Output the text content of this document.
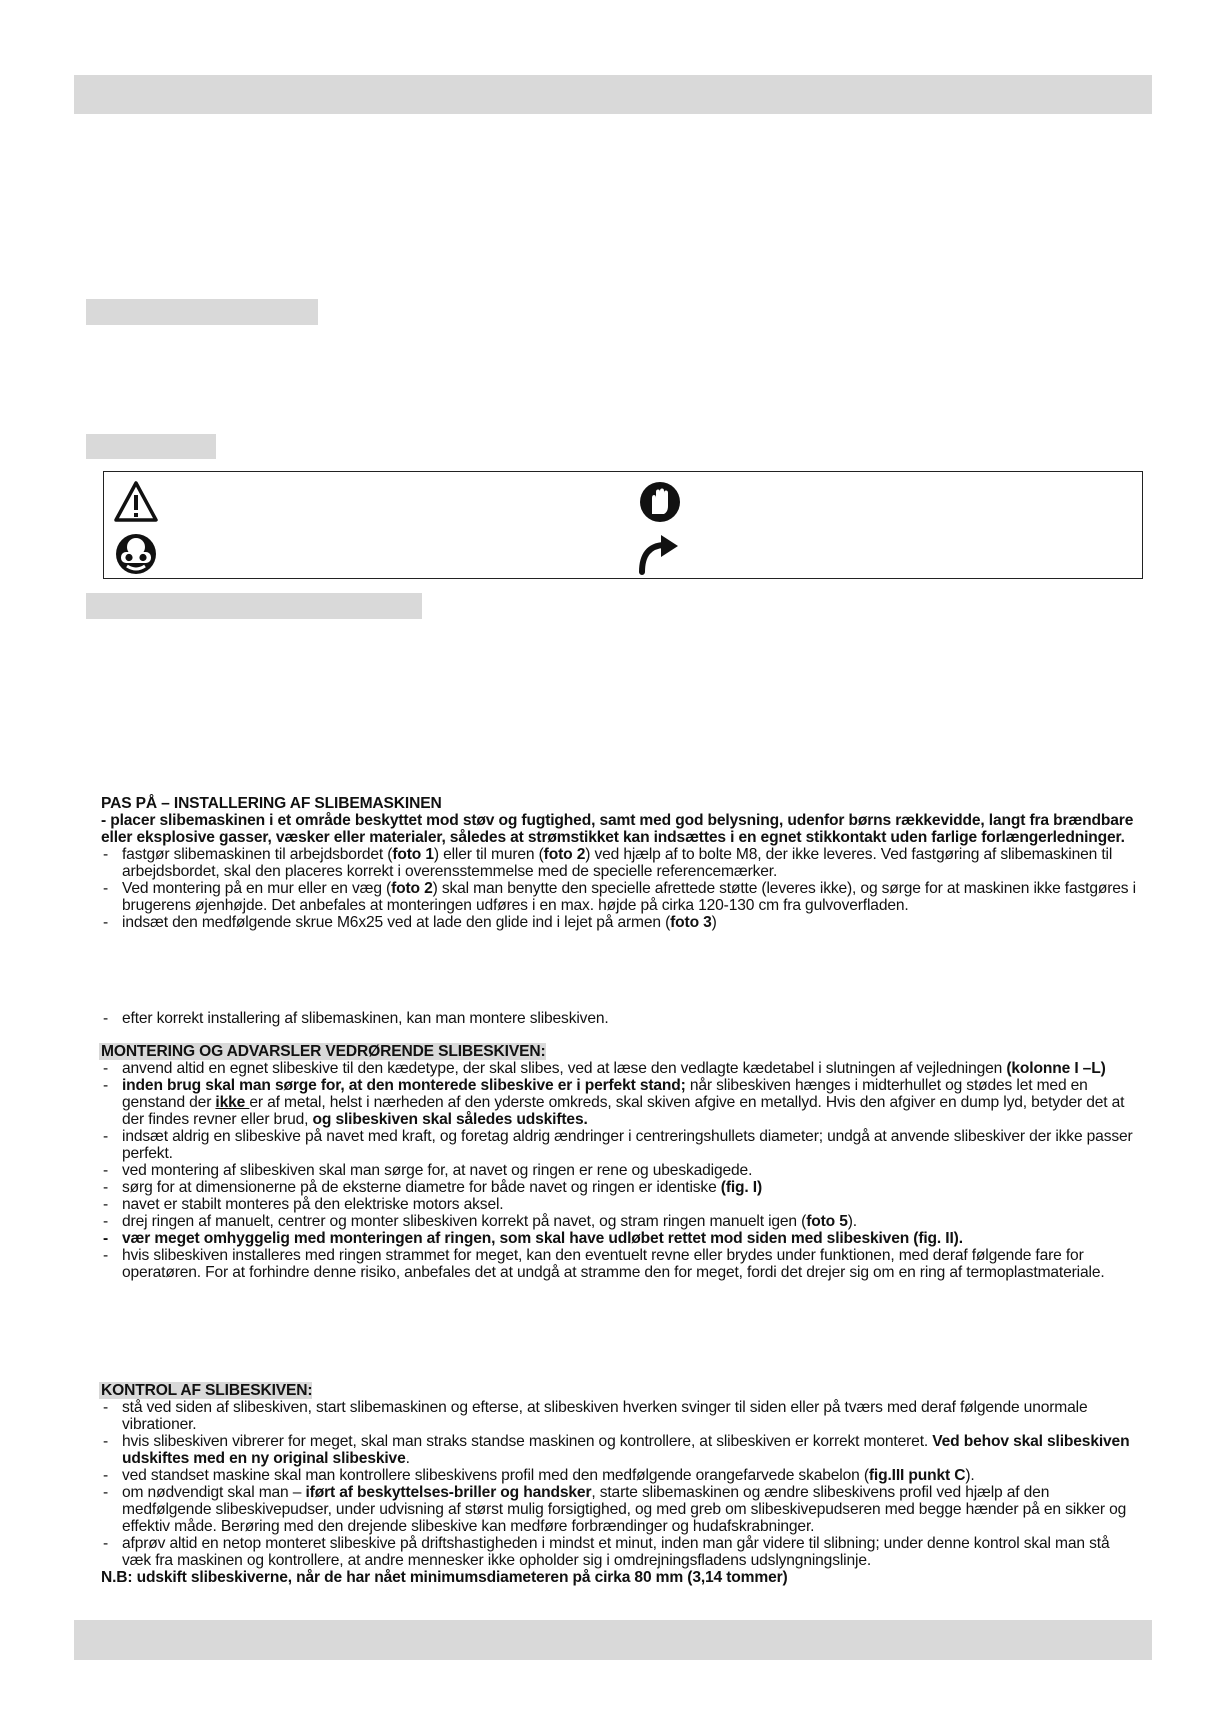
PAS PÅ – INSTALLERING AF SLIBEMASKINEN

- placer slibemaskinen i et område beskyttet mod støv og fugtighed, samt med god belysning, udenfor børns rækkevidde, langt fra brændbare eller eksplosive gasser, væsker eller materialer, således at strømstikket kan indsættes i en egnet stikkontakt uden farlige forlængerledninger.

- fastgør slibemaskinen til arbejdsbordet (foto 1) eller til muren (foto 2) ved hjælp af to bolte M8, der ikke leveres. Ved fastgøring af slibemaskinen til arbejdsbordet, skal den placeres korrekt i overensstemmelse med de specielle referencemærker.

- Ved montering på en mur eller en væg (foto 2) skal man benytte den specielle afrettede støtte (leveres ikke), og sørge for at maskinen ikke fastgøres i brugerens øjenhøjde. Det anbefales at monteringen udføres i en max. højde på cirka 120-130 cm fra gulvoverfladen.

- indsæt den medfølgende skrue M6x25 ved at lade den glide ind i lejet på armen (foto 3)

- efter korrekt installering af slibemaskinen, kan man montere slibeskiven.

MONTERING OG ADVARSLER VEDRØRENDE SLIBESKIVEN:

- anvend altid en egnet slibeskive til den kædetype, der skal slibes, ved at læse den vedlagte kædetabel i slutningen af vejledningen (kolonne I –L)

- inden brug skal man sørge for, at den monterede slibeskive er i perfekt stand; når slibeskiven hænges i midterhullet og stødes let med en genstand der ikke er af metal, helst i nærheden af den yderste omkreds, skal skiven afgive en metallyd. Hvis den afgiver en dump lyd, betyder det at der findes revner eller brud, og slibeskiven skal således udskiftes.

- indsæt aldrig en slibeskive på navet med kraft, og foretag aldrig ændringer i centreringshullets diameter; undgå at anvende slibeskiver der ikke passer perfekt.

- ved montering af slibeskiven skal man sørge for, at navet og ringen er rene og ubeskadigede.

- sørg for at dimensionerne på de eksterne diametre for både navet og ringen er identiske (fig. I)

- navet er stabilt monteres på den elektriske motors aksel.

- drej ringen af manuelt, centrer og monter slibeskiven korrekt på navet, og stram ringen manuelt igen (foto 5).

- vær meget omhyggelig med monteringen af ringen, som skal have udløbet rettet mod siden med slibeskiven (fig. II).

- hvis slibeskiven installeres med ringen strammet for meget, kan den eventuelt revne eller brydes under funktionen, med deraf følgende fare for operatøren. For at forhindre denne risiko, anbefales det at undgå at stramme den for meget, fordi det drejer sig om en ring af termoplastmateriale.

KONTROL AF SLIBESKIVEN:

- stå ved siden af slibeskiven, start slibemaskinen og efterse, at slibeskiven hverken svinger til siden eller på tværs med deraf følgende unormale vibrationer.

- hvis slibeskiven vibrerer for meget, skal man straks standse maskinen og kontrollere, at slibeskiven er korrekt monteret. Ved behov skal slibeskiven udskiftes med en ny original slibeskive.

- ved standset maskine skal man kontrollere slibeskivens profil med den medfølgende orangefarvede skabelon (fig.III punkt C).

- om nødvendigt skal man – iført af beskyttelses-briller og handsker, starte slibemaskinen og ændre slibeskivens profil ved hjælp af den medfølgende slibeskivepudser, under udvisning af størst mulig forsigtighed, og med greb om slibeskivepudseren med begge hænder på en sikker og effektiv måde. Berøring med den drejende slibeskive kan medføre forbrændinger og hudafskrabninger.

- afprøv altid en netop monteret slibeskive på driftshastigheden i mindst et minut, inden man går videre til slibning; under denne kontrol skal man stå væk fra maskinen og kontrollere, at andre mennesker ikke opholder sig i omdrejningsfladens udslyngningslinje.

N.B: udskift slibeskiverne, når de har nået minimumsdiameteren på cirka 80 mm (3,14 tommer)
